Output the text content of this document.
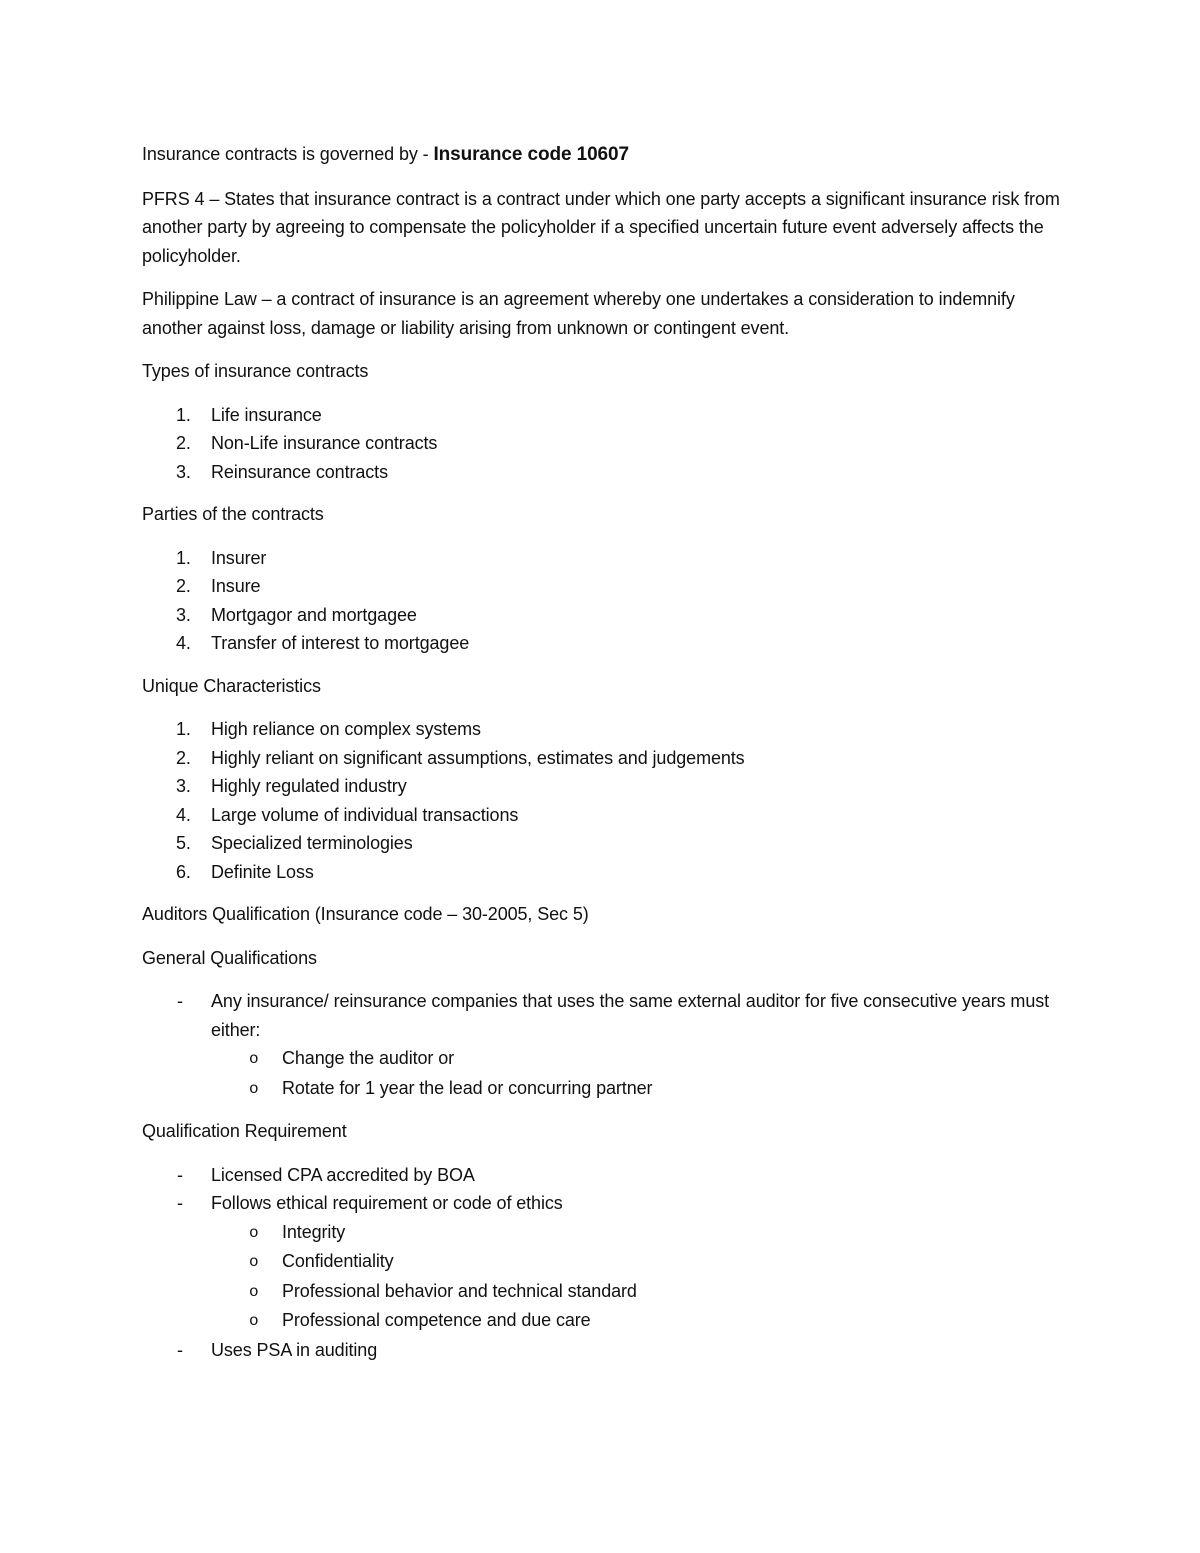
Insurance contracts is governed by - Insurance code 10607

PFRS 4 – States that insurance contract is a contract under which one party accepts a significant insurance risk from another party by agreeing to compensate the policyholder if a specified uncertain future event adversely affects the policyholder.

Philippine Law – a contract of insurance is an agreement whereby one undertakes a consideration to indemnify another against loss, damage or liability arising from unknown or contingent event.

Types of insurance contracts

1. Life insurance
2. Non-Life insurance contracts
3. Reinsurance contracts

Parties of the contracts

1. Insurer
2. Insure
3. Mortgagor and mortgagee
4. Transfer of interest to mortgagee

Unique Characteristics

1. High reliance on complex systems
2. Highly reliant on significant assumptions, estimates and judgements
3. Highly regulated industry
4. Large volume of individual transactions
5. Specialized terminologies
6. Definite Loss

Auditors Qualification (Insurance code – 30-2005, Sec 5)

General Qualifications

- Any insurance/ reinsurance companies that uses the same external auditor for five consecutive years must either:
o Change the auditor or
o Rotate for 1 year the lead or concurring partner

Qualification Requirement

- Licensed CPA accredited by BOA
- Follows ethical requirement or code of ethics
o Integrity
o Confidentiality
o Professional behavior and technical standard
o Professional competence and due care
- Uses PSA in auditing
